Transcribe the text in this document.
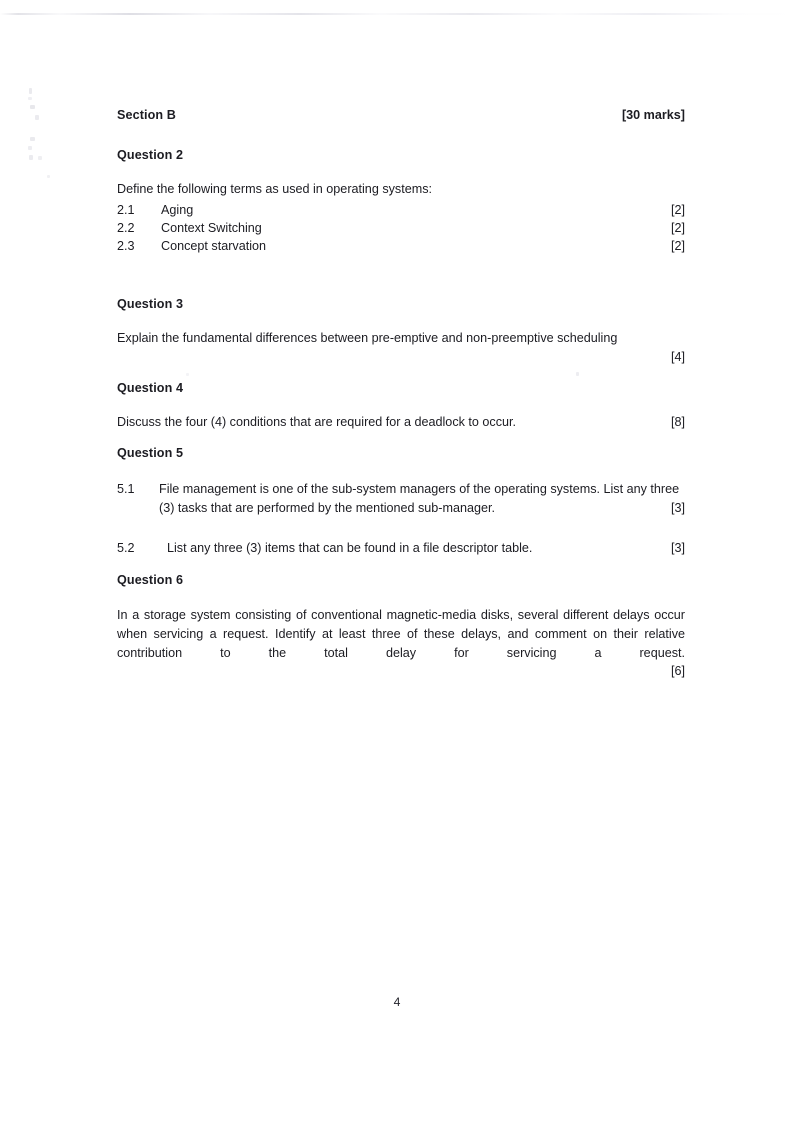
Section B	[30 marks]
Question 2
Define the following terms as used in operating systems:
2.1	Aging	[2]
2.2	Context Switching	[2]
2.3	Concept starvation	[2]
Question 3
Explain the fundamental differences between pre-emptive and non-preemptive scheduling
[4]
Question 4
Discuss the four (4) conditions that are required for a deadlock to occur.	[8]
Question 5
5.1	File management is one of the sub-system managers of the operating systems. List any three
(3) tasks that are performed by the mentioned sub-manager.	[3]
5.2	List any three (3) items that can be found in a file descriptor table.	[3]
Question 6
In a storage system consisting of conventional magnetic-media disks, several different delays occur when servicing a request. Identify at least three of these delays, and comment on their relative contribution to the total delay for servicing a request.[6]
4
